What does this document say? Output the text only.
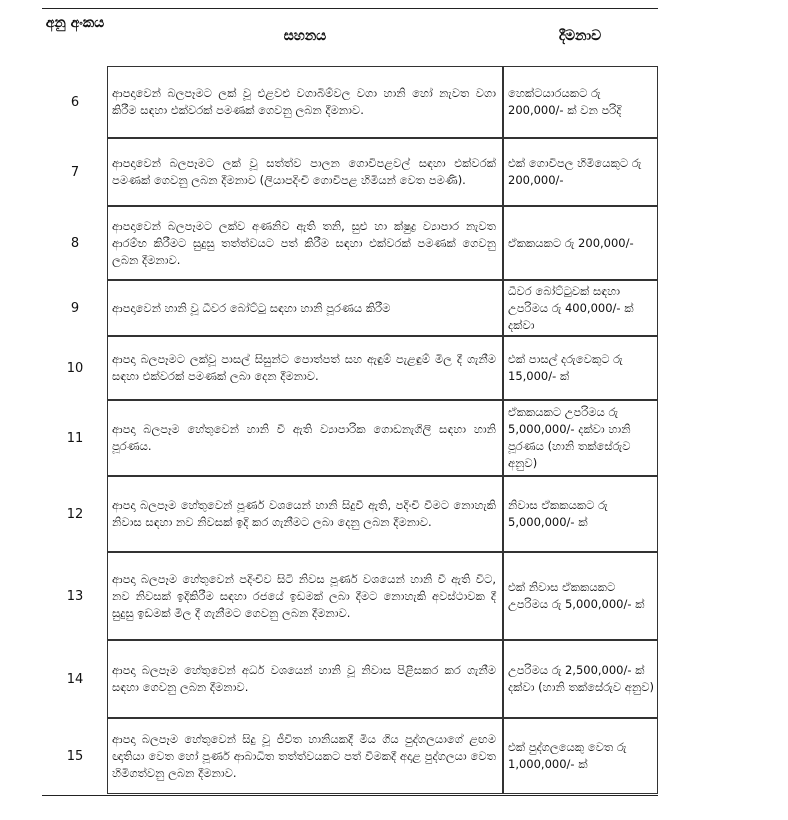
අනු අංකය
සහනය	දීමනාව
6
ආපදාවෙන් බලපෑමට ලක් වූ එළවළු වගාබිම්වල වගා හානි හෝ නැවත වගා කිරීම සඳහා එක්වරක් පමණක් ගෙවනු ලබන දීමනාව.
හෙක්ටයාරයකට රු 200,000/- ක් වන පරිදි
7
ආපදාවෙන් බලපෑමට ලක් වූ සත්ත්ව පාලන ගොවිපළවල් සඳහා එක්වරක් පමණක් ගෙවනු ලබන දීමනාව (ලියාපදිංචි ගොවිපළ හිමියන් වෙත පමණි).
එක් ගොවිපල හිමියෙකුට රු 200,000/-
8
ආපදාවෙන් බලපෑමට ලක්ව අණනිව ඇති තනි, සුළු හා ක්ෂුද්‍ර ව්‍යාපාර නැවත ආරම්භ කිරීමට සුදුසු තත්ත්වයට පත් කිරීම සඳහා එක්වරක් පමණක් ගෙවනු ලබන දීමනාව.
ඒකකයකට රු 200,000/-
9	ආපදාවෙන් හානි වූ ධීවර බෝට්ටු සඳහා හානි පූරණය කිරීම
ධීවර බෝට්ටුවක් සඳහා උපරිමය රු 400,000/- ක් දක්වා
10
ආපදා බලපෑමට ලක්වූ පාසල් සිසුන්ට පොත්පත් සහ ඇඳුම් පැළඳුම් මිල දී ගැනීම සඳහා එක්වරක් පමණක් ලබා දෙන දීමනාව.
එක් පාසල් දරුවෙකුට රු 15,000/- ක්
11
ආපදා බලපෑම හේතුවෙන් හානි වී ඇති ව්‍යාපාරික ගොඩනැගිලි සඳහා හානි පූරණය.
ඒකකයකට උපරිමය රු 5,000,000/- දක්වා හානි පූරණය (හානි තක්සේරුව අනුව)
12
ආපදා බලපෑම හේතුවෙන් පූර්ණ වශයෙන් හානි සිදුවී ඇති, පදිංචි වීමට නොහැකි නිවාස සඳහා නව නිවසක් ඉදි කර ගැනීමට ලබා දෙනු ලබන දීමනාව.
නිවාස ඒකකයකට රු 5,000,000/- ක්
13
ආපදා බලපෑම හේතුවෙන් පදිංචිව සිටි නිවස පූර්ණ වශයෙන් හානි වී ඇති විට, නව නිවසක් ඉදිකිරීම සඳහා රජයේ ඉඩමක් ලබා දීමට නොහැකි අවස්ථාවක දී සුදුසු ඉඩමක් මිල දී ගැනීමට ගෙවනු ලබන දීමනාව.
එක් නිවාස ඒකකයකට උපරිමය රු 5,000,000/- ක්
14
ආපදා බලපෑම හේතුවෙන් අර්ධ වශයෙන් හානි වූ නිවාස පිළිසකර කර ගැනීම සඳහා ගෙවනු ලබන දීමනාව.
උපරිමය රු 2,500,000/- ක් දක්වා (හානි තක්සේරුව අනුව)
15
ආපදා බලපෑම හේතුවෙන් සිදු වූ ජීවිත හානියකදී මිය ගිය පුද්ගලයාගේ ළඟම ඥාතියා වෙත හෝ පූර්ණ ආබාධිත තත්ත්වයකට පත් වීමකදී අදාළ පුද්ගලයා වෙත හිමිගත්වනු ලබන දීමනාව.
එක් පුද්ගලයෙකු වෙත රු 1,000,000/- ක්
